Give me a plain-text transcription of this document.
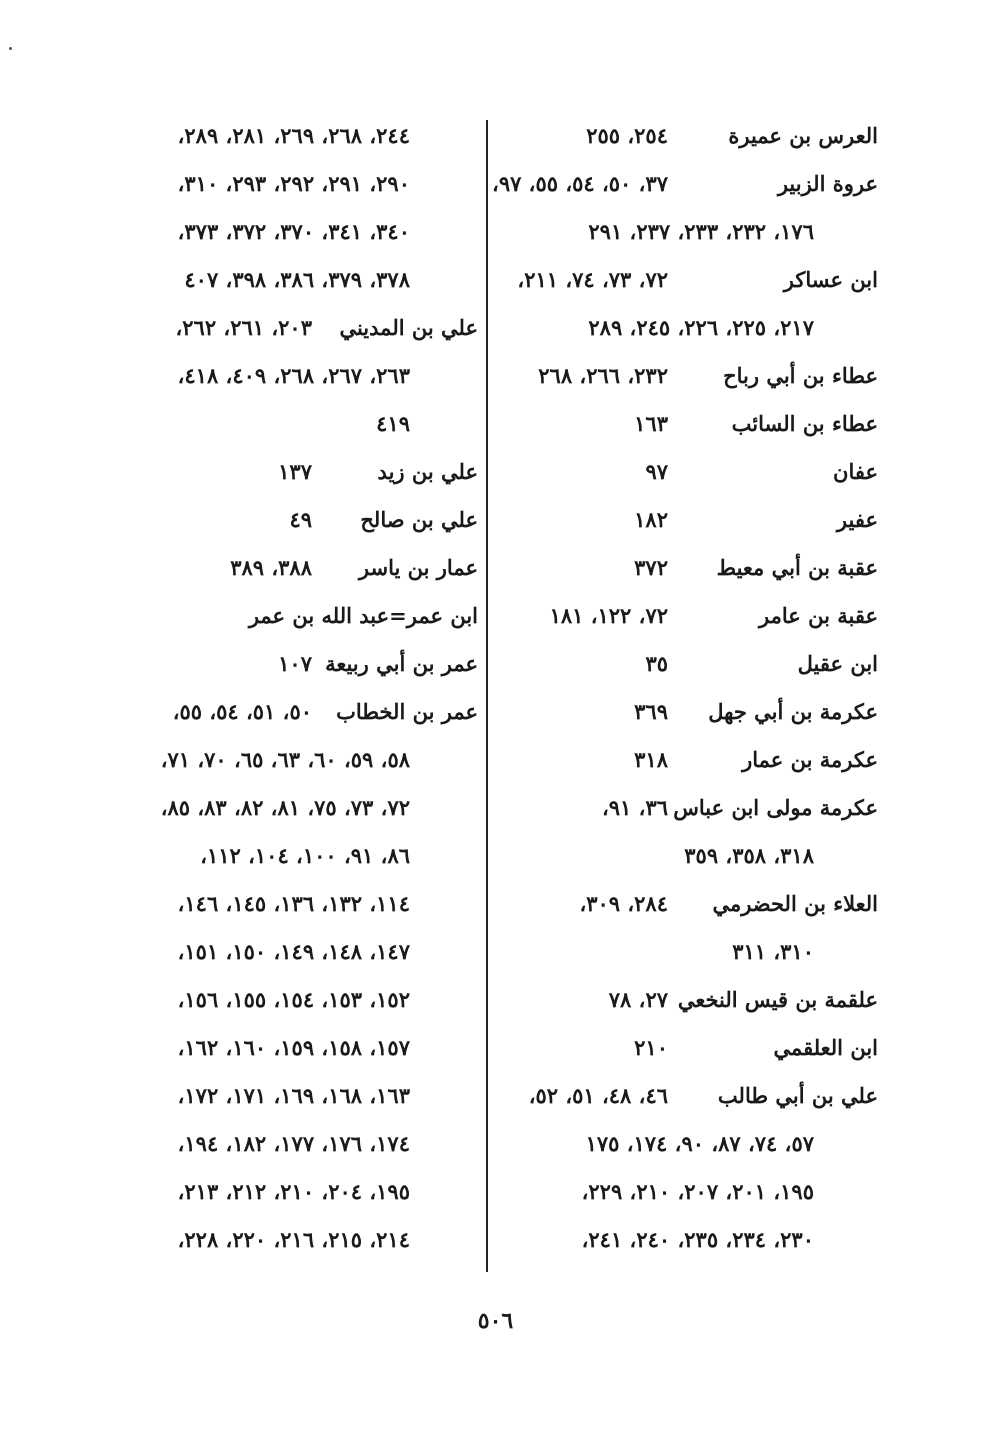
العرس بن عميرة
٢٥٤، ٢٥٥
عروة الزبير
٣٧، ٥٠، ٥٤، ٥٥، ٩٧،
١٧٦، ٢٣٢، ٢٣٣، ٢٣٧، ٢٩١
ابن عساكر
٧٢، ٧٣، ٧٤، ٢١١،
٢١٧، ٢٢٥، ٢٢٦، ٢٤٥، ٢٨٩
عطاء بن أبي رباح
٢٣٢، ٢٦٦، ٢٦٨
عطاء بن السائب
١٦٣
عفان
٩٧
عفير
١٨٢
عقبة بن أبي معيط
٣٧٢
عقبة بن عامر
٧٢، ١٢٢، ١٨١
ابن عقيل
٣٥
عكرمة بن أبي جهل
٣٦٩
عكرمة بن عمار
٣١٨
عكرمة مولى ابن عباس
٣٦، ٩١،
٣١٨، ٣٥٨، ٣٥٩
العلاء بن الحضرمي
٢٨٤، ٣٠٩،
٣١٠، ٣١١
علقمة بن قيس النخعي
٢٧، ٧٨
ابن العلقمي
٢١٠
علي بن أبي طالب
٤٦، ٤٨، ٥١، ٥٢،
٥٧، ٧٤، ٨٧، ٩٠، ١٧٤، ١٧٥
١٩٥، ٢٠١، ٢٠٧، ٢١٠، ٢٢٩،
٢٣٠، ٢٣٤، ٢٣٥، ٢٤٠، ٢٤١،
٢٤٤، ٢٦٨، ٢٦٩، ٢٨١، ٢٨٩،
٢٩٠، ٢٩١، ٢٩٢، ٢٩٣، ٣١٠،
٣٤٠، ٣٤١، ٣٧٠، ٣٧٢، ٣٧٣،
٣٧٨، ٣٧٩، ٣٨٦، ٣٩٨، ٤٠٧
علي بن المديني
٢٠٣، ٢٦١، ٢٦٢،
٢٦٣، ٢٦٧، ٢٦٨، ٤٠٩، ٤١٨،
٤١٩
علي بن زيد
١٣٧
علي بن صالح
٤٩
عمار بن ياسر
٣٨٨، ٣٨٩
ابن عمر=عبد الله بن عمر
عمر بن أبي ربيعة
١٠٧
عمر بن الخطاب
٥٠، ٥١، ٥٤، ٥٥،
٥٨، ٥٩، ٦٠، ٦٣، ٦٥، ٧٠، ٧١،
٧٢، ٧٣، ٧٥، ٨١، ٨٢، ٨٣، ٨٥،
٨٦، ٩١، ١٠٠، ١٠٤، ١١٢،
١١٤، ١٣٢، ١٣٦، ١٤٥، ١٤٦،
١٤٧، ١٤٨، ١٤٩، ١٥٠، ١٥١،
١٥٢، ١٥٣، ١٥٤، ١٥٥، ١٥٦،
١٥٧، ١٥٨، ١٥٩، ١٦٠، ١٦٢،
١٦٣، ١٦٨، ١٦٩، ١٧١، ١٧٢،
١٧٤، ١٧٦، ١٧٧، ١٨٢، ١٩٤،
١٩٥، ٢٠٤، ٢١٠، ٢١٢، ٢١٣،
٢١٤، ٢١٥، ٢١٦، ٢٢٠، ٢٢٨،
٥٠٦
